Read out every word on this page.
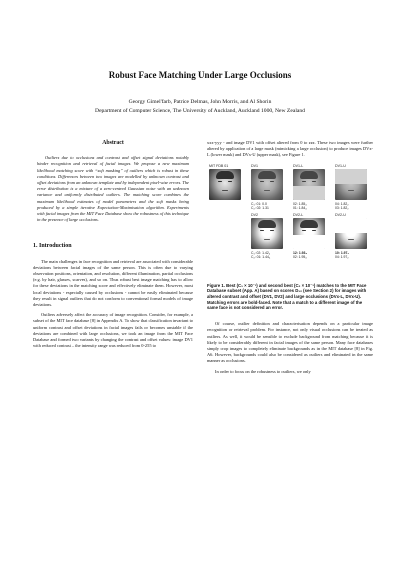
Robust Face Matching Under Large Occlusions
Georgy Gimel'farb, Patrice Delmas, John Morris, and Al Shorin
Department of Computer Science, The University of Auckland, Auckland 1000, New Zealand
Abstract
Outliers due to occlusions and contrast and offset signal deviations notably hinder recognition and retrieval of facial images. We propose a new maximum likelihood matching score with “soft masking” of outliers which is robust in these conditions. Differences between two images are modelled by unknown contrast and offset deviations from an unknown template and by independent pixel-wise errors. The error distribution is a mixture of a zero-centred Gaussian noise with an unknown variance and uniformly distributed outliers. The matching score combines the maximum likelihood estimates of model parameters and the soft masks being produced by a simple iterative Expectation-Maximisation algorithm. Experiments with facial images from the MIT Face Database show the robustness of this technique in the presence of large occlusions.
1. Introduction

The main challenges in face recognition and retrieval are associated with considerable deviations between facial images of the same person. This is often due to varying observation positions, orientation, and resolution, different illumination, partial occlusions (e.g. by hair, glasses, scarves), and so on. Thus robust best image matching has to allow for these deviations in the matching score and effectively eliminate them. However, most local deviations - especially caused by occlusions - cannot be easily eliminated because they result in signal outliers that do not conform to conventional formal models of image deviations.

Outliers adversely affect the accuracy of image recognition. Consider, for example, a subset of the MIT face database [8] in Appendix A. To show that classification invariant to uniform contrast and offset deviations in facial images fails or becomes unstable if the deviations are combined with large occlusions, we took an image from the MIT Face Database and formed two variants by changing the contrast and offset values: image DV1 with reduced contrast – the intensity range was reduced from 0-255 to

xxx-yyy - and image DV1 with offset altered from 0 to zzz. These two images were further altered by application of a large mask (mimicking a large occlusion) to produce images DVx-L (lower mask) and DVx-U (upper mask), see Figure 1.

MIT FDB 01	DV1	DV1-L	DV1-U
C₁: 01: 0.0
C₂: 02: 1.31
02: 1.85₄
01: 1.84₄
04: 1.82₂
03: 1.82₂
DV2	DV2-L	DV2-U
C₁: 02: 1.42₄
C₂: 01: 1.44₄
12: 1.93₄
02: 1.95₄
10: 1.97₂
04: 1.97₂
Figure 1. Best (C₁ × 10⁻³) and second best (C₂ × 10⁻³) matches to the MIT Face Database subset (App. A) based on scores D₁₂ (see Section 2) for images with altered contrast and offset (DV1, DV2) and large occlusions (DVx-L, DVx-U). Matching errors are bold-faced. Note that a match to a different image of the same face is not considered an error.

Of course, outlier definition and characterisation depends on a particular image recognition or retrieval problem. For instance, not only visual occlusions can be treated as outliers. As well, it would be sensible to exclude background from matching because it is likely to be considerably different in facial images of the same person. Many face databases simply crop images to completely eliminate backgrounds as in the MIT database [8] in Fig. A6. However, backgrounds could also be considered as outliers and eliminated in the same manner as occlusions.

In order to focus on the robustness to outliers, we only
